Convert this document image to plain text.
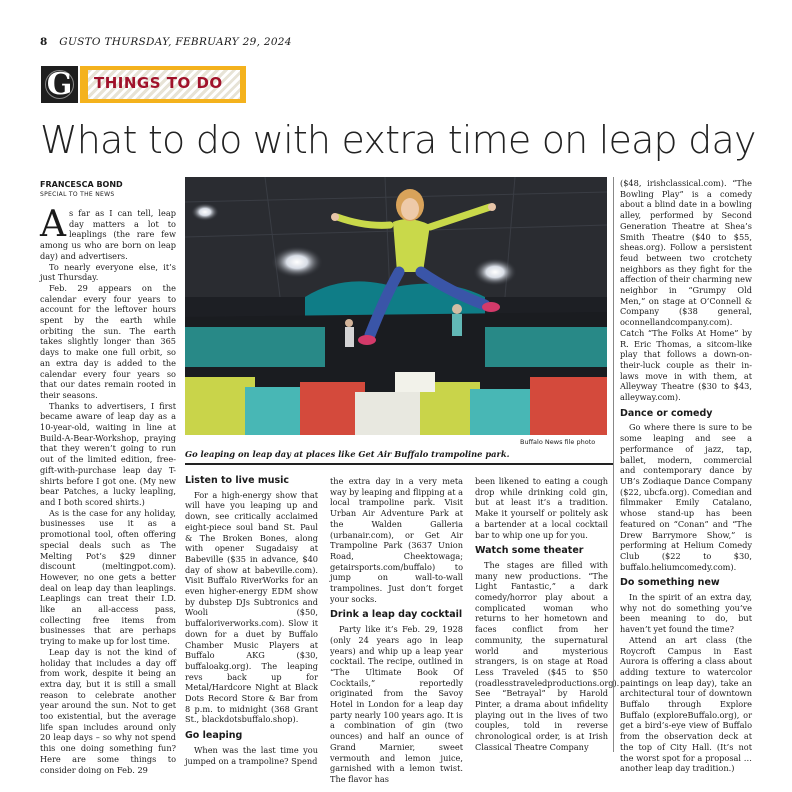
8 GUSTO THURSDAY, FEBRUARY 29, 2024
G	THINGS TO DO
What to do with extra time on leap day
FRANCESCA BOND
SPECIAL TO THE NEWS

As far as I can tell, leap day matters a lot to leaplings (the rare few among us who are born on leap day) and advertisers.

To nearly everyone else, it’s just Thursday.

Feb. 29 appears on the calendar every four years to account for the leftover hours spent by the earth while orbiting the sun. The earth takes slightly longer than 365 days to make one full orbit, so an extra day is added to the calendar every four years so that our dates remain rooted in their seasons.

Thanks to advertisers, I first became aware of leap day as a 10-year-old, waiting in line at Build-A-Bear-Workshop, praying that they weren’t going to run out of the limited edition, free-gift-with-purchase leap day T-shirts before I got one. (My new bear Patches, a lucky leapling, and I both scored shirts.)

As is the case for any holiday, businesses use it as a promotional tool, often offering special deals such as The Melting Pot’s $29 dinner discount (meltingpot.com). However, no one gets a better deal on leap day than leaplings. Leaplings can treat their I.D. like an all-access pass, collecting free items from businesses that are perhaps trying to make up for lost time.

Leap day is not the kind of holiday that includes a day off from work, despite it being an extra day, but it is still a small reason to celebrate another year around the sun. Not to get too existential, but the average life span includes around only 20 leap days – so why not spend this one doing something fun? Here are some things to consider doing on Feb. 29

Buffalo News file photo
Go leaping on leap day at places like Get Air Buffalo trampoline park.
Listen to live music

For a high-energy show that will have you leaping up and down, see critically acclaimed eight-piece soul band St. Paul & The Broken Bones, along with opener Sugadaisy at Babeville ($35 in advance, $40 day of show at babeville.com). Visit Buffalo RiverWorks for an even higher-energy EDM show by dubstep DJs Subtronics and Wooli ($50, buffaloriverworks.com). Slow it down for a duet by Buffalo Chamber Music Players at Buffalo AKG ($30, buffaloakg.org). The leaping revs back up for Metal/Hardcore Night at Black Dots Record Store & Bar from 8 p.m. to midnight (368 Grant St., blackdotsbuffalo.shop).

Go leaping

When was the last time you jumped on a trampoline? Spend

the extra day in a very meta way by leaping and flipping at a local trampoline park. Visit Urban Air Adventure Park at the Walden Galleria (urbanair.com), or Get Air Trampoline Park (3637 Union Road, Cheektowaga; getairsports.com/buffalo) to jump on wall-to-wall trampolines. Just don’t forget your socks.

Drink a leap day cocktail

Party like it’s Feb. 29, 1928 (only 24 years ago in leap years) and whip up a leap year cocktail. The recipe, outlined in “The Ultimate Book Of Cocktails,” reportedly originated from the Savoy Hotel in London for a leap day party nearly 100 years ago. It is a combination of gin (two ounces) and half an ounce of Grand Marnier, sweet vermouth and lemon juice, garnished with a lemon twist. The flavor has

been likened to eating a cough drop while drinking cold gin, but at least it’s a tradition. Make it yourself or politely ask a bartender at a local cocktail bar to whip one up for you.

Watch some theater

The stages are filled with many new productions. “The Light Fantastic,” a dark comedy/horror play about a complicated woman who returns to her hometown and faces conflict from her community, the supernatural world and mysterious strangers, is on stage at Road Less Traveled ($45 to $50 (roadlesstraveledproductions.org). See “Betrayal” by Harold Pinter, a drama about infidelity playing out in the lives of two couples, told in reverse chronological order, is at Irish Classical Theatre Company

($48, irishclassical.com). “The Bowling Play” is a comedy about a blind date in a bowling alley, performed by Second Generation Theatre at Shea’s Smith Theatre ($40 to $55, sheas.org). Follow a persistent feud between two crotchety neighbors as they fight for the affection of their charming new neighbor in “Grumpy Old Men,” on stage at O’Connell & Company ($38 general, oconnellandcompany.com). Catch “The Folks At Home” by R. Eric Thomas, a sitcom-like play that follows a down-on-their-luck couple as their in-laws move in with them, at Alleyway Theatre ($30 to $43, alleyway.com).

Dance or comedy

Go where there is sure to be some leaping and see a performance of jazz, tap, ballet, modern, commercial and contemporary dance by UB’s Zodiaque Dance Company ($22, ubcfa.org). Comedian and filmmaker Emily Catalano, whose stand-up has been featured on “Conan” and “The Drew Barrymore Show,” is performing at Helium Comedy Club ($22 to $30, buffalo.heliumcomedy.com).

Do something new

In the spirit of an extra day, why not do something you’ve been meaning to do, but haven’t yet found the time?

Attend an art class (the Roycroft Campus in East Aurora is offering a class about adding texture to watercolor paintings on leap day), take an architectural tour of downtown Buffalo through Explore Buffalo (exploreBuffalo.org), or get a bird’s-eye view of Buffalo from the observation deck at the top of City Hall. (It’s not the worst spot for a proposal … another leap day tradition.)
